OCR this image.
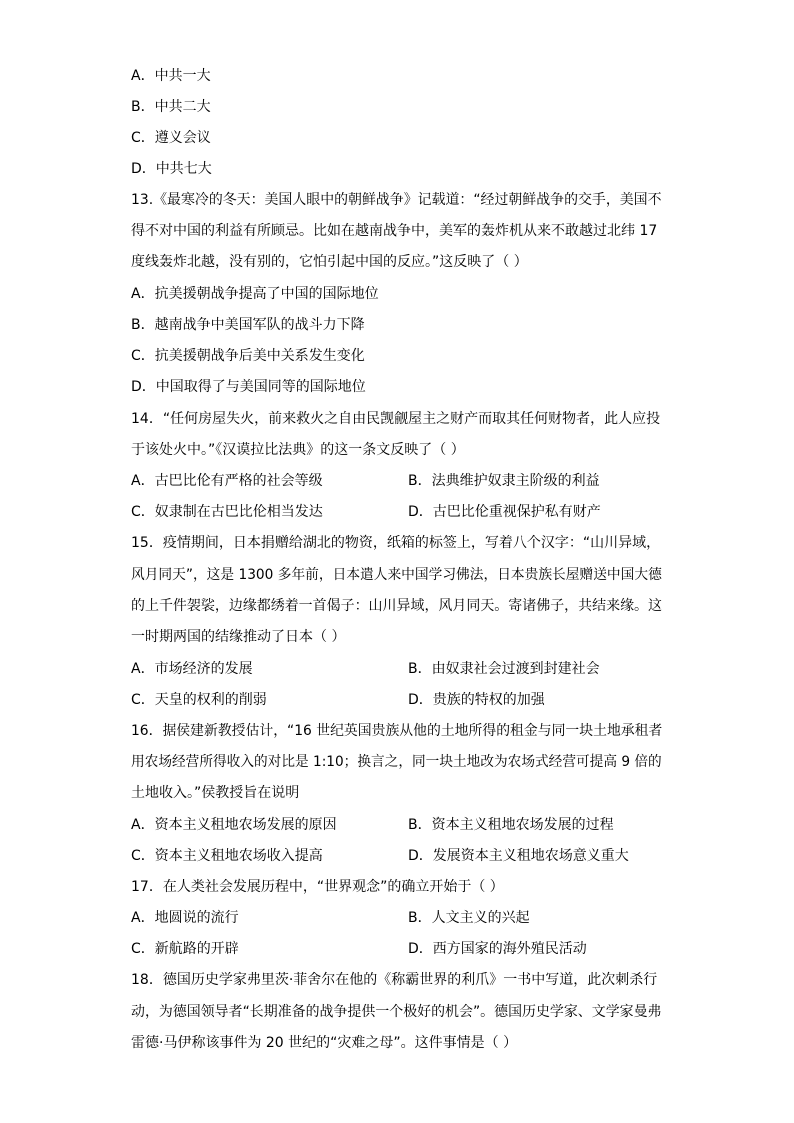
A．中共一大
B．中共二大
C．遵义会议
D．中共七大
13.《最寒冷的冬天：美国人眼中的朝鲜战争》记载道：“经过朝鲜战争的交手，美国不
得不对中国的利益有所顾忌。比如在越南战争中，美军的轰炸机从来不敢越过北纬 17
度线轰炸北越，没有别的，它怕引起中国的反应。”这反映了（ ）
A．抗美援朝战争提高了中国的国际地位
B．越南战争中美国军队的战斗力下降
C．抗美援朝战争后美中关系发生变化
D．中国取得了与美国同等的国际地位
14．“任何房屋失火，前来救火之自由民觊觎屋主之财产而取其任何财物者，此人应投
于该处火中。”《汉谟拉比法典》的这一条文反映了（ ）
A．古巴比伦有严格的社会等级	B．法典维护奴隶主阶级的利益
C．奴隶制在古巴比伦相当发达	D．古巴比伦重视保护私有财产
15．疫情期间，日本捐赠给湖北的物资，纸箱的标签上，写着八个汉字：“山川异域，
风月同天”，这是 1300 多年前，日本遣人来中国学习佛法，日本贵族长屋赠送中国大德
的上千件袈裟，边缘都绣着一首偈子：山川异域，风月同天。寄诸佛子，共结来缘。这
一时期两国的结缘推动了日本（ ）
A．市场经济的发展	B．由奴隶社会过渡到封建社会
C．天皇的权利的削弱	D．贵族的特权的加强
16．据侯建新教授估计，“16 世纪英国贵族从他的土地所得的租金与同一块土地承租者
用农场经营所得收入的对比是 1:10；换言之，同一块土地改为农场式经营可提高 9 倍的
土地收入。”侯教授旨在说明
A．资本主义租地农场发展的原因	B．资本主义租地农场发展的过程
C．资本主义租地农场收入提高	D．发展资本主义租地农场意义重大
17．在人类社会发展历程中，“世界观念”的确立开始于（ ）
A．地圆说的流行	B．人文主义的兴起
C．新航路的开辟	D．西方国家的海外殖民活动
18．德国历史学家弗里茨·菲舍尔在他的《称霸世界的利爪》一书中写道，此次刺杀行
动，为德国领导者“长期准备的战争提供一个极好的机会”。德国历史学家、文学家曼弗
雷德·马伊称该事件为 20 世纪的“灾难之母”。这件事情是（ ）
